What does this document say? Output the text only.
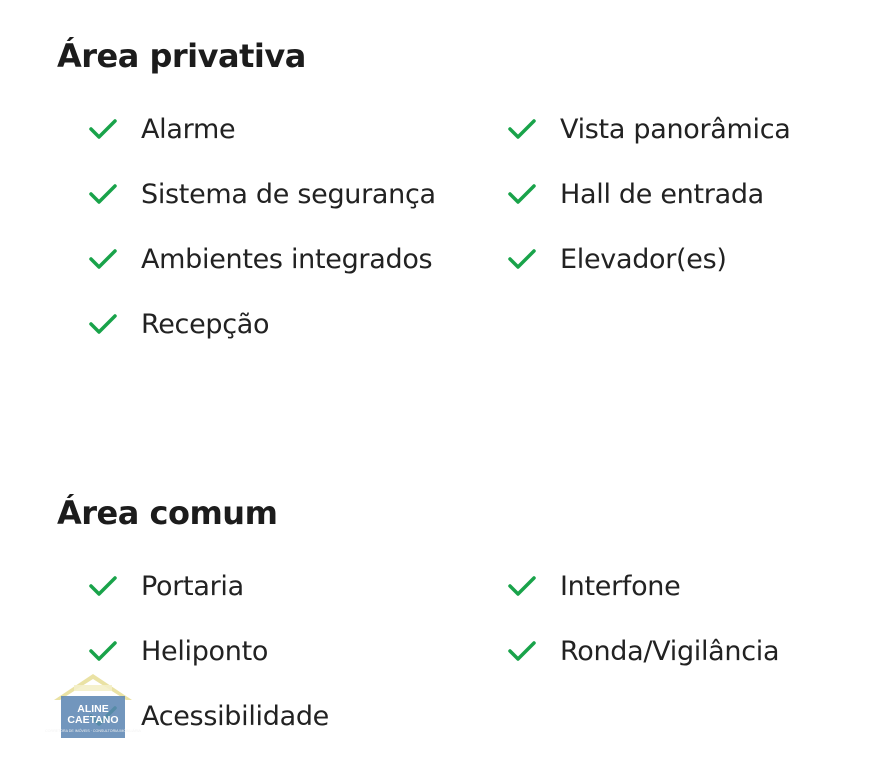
Área privativa
Alarme	Vista panorâmica
Sistema de segurança	Hall de entrada
Ambientes integrados	Elevador(es)
Recepção
Área comum
Portaria	Interfone
Heliponto	Ronda/Vigilância
Acessibilidade
ALINE CAETANO
CORRETORA DE IMÓVEIS · CONSULTORIA IMOBILIÁRIA
